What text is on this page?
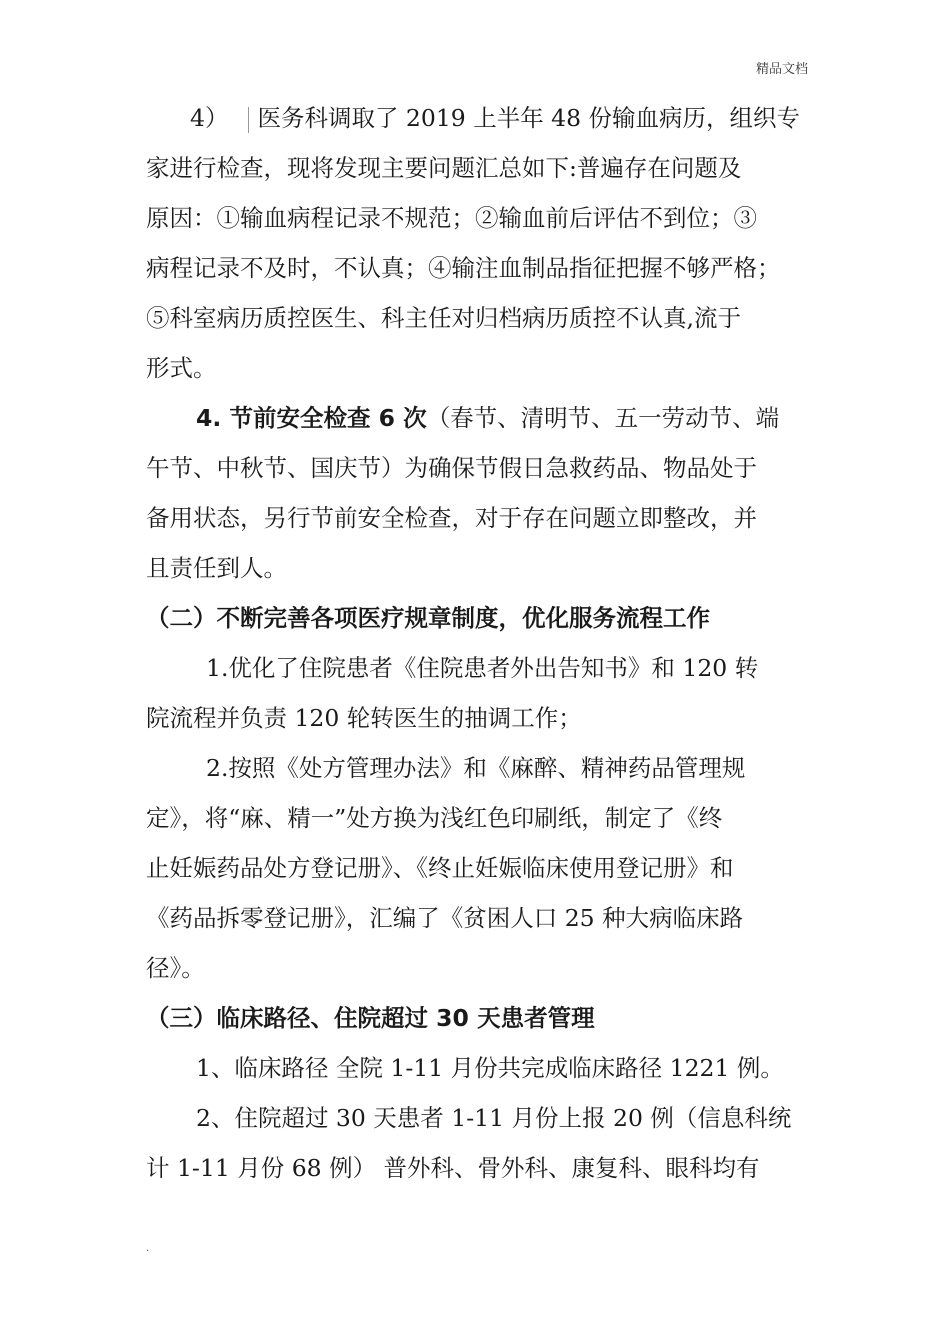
精品文档
4） 医务科调取了 2019 上半年 48 份输血病历，组织专
家进行检查，现将发现主要问题汇总如下:普遍存在问题及
原因：①输血病程记录不规范；②输血前后评估不到位；③
病程记录不及时，不认真；④输注血制品指征把握不够严格；
⑤科室病历质控医生、科主任对归档病历质控不认真,流于
形式。
4. 节前安全检查 6 次（春节、清明节、五一劳动节、端
午节、中秋节、国庆节）为确保节假日急救药品、物品处于
备用状态，另行节前安全检查，对于存在问题立即整改，并
且责任到人。
（二）不断完善各项医疗规章制度，优化服务流程工作
1.优化了住院患者《住院患者外出告知书》和 120 转
院流程并负责 120 轮转医生的抽调工作；
2.按照《处方管理办法》和《麻醉、精神药品管理规
定》，将“麻、精一”处方换为浅红色印刷纸，制定了《终
止妊娠药品处方登记册》、《终止妊娠临床使用登记册》和
《药品拆零登记册》，汇编了《贫困人口 25 种大病临床路
径》。
（三）临床路径、住院超过 30 天患者管理
1、临床路径 全院 1-11 月份共完成临床路径 1221 例。
2、住院超过 30 天患者 1-11 月份上报 20 例（信息科统
计 1-11 月份 68 例） 普外科、骨外科、康复科、眼科均有
.
